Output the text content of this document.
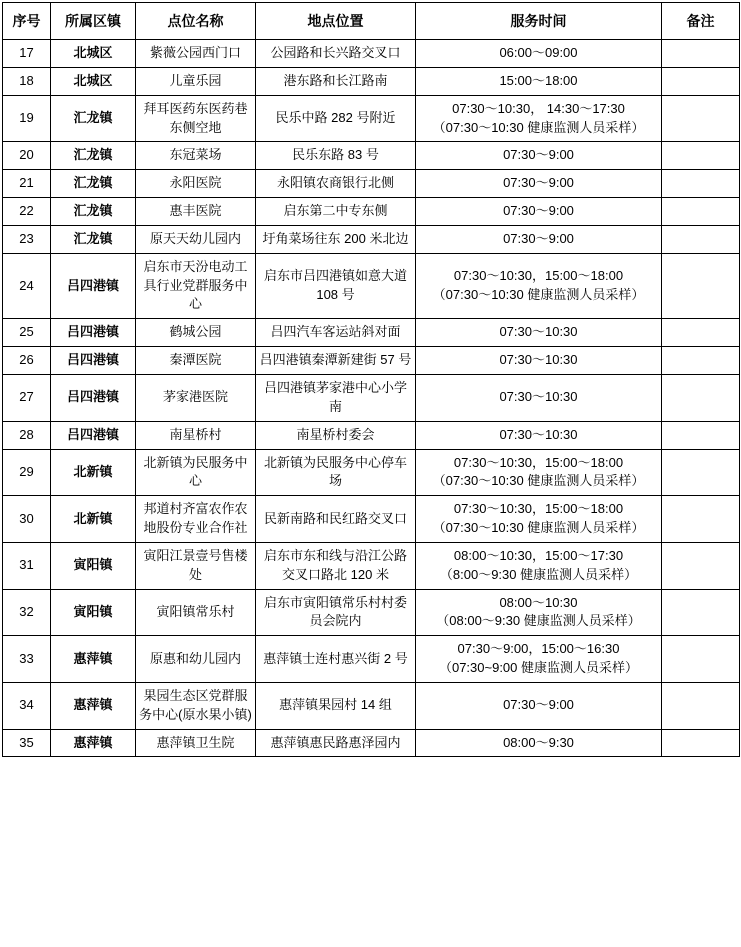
序号	所属区镇	点位名称	地点位置	服务时间	备注
17	北城区	紫薇公园西门口	公园路和长兴路交叉口	06:00～09:00	

18	北城区	儿童乐园	港东路和长江路南	15:00～18:00	

19	汇龙镇	拜耳医药东医药巷东侧空地	民乐中路 282 号附近	07:30～10:30， 14:30～17:30
（07:30～10:30 健康监测人员采样）	

20	汇龙镇	东冠菜场	民乐东路 83 号	07:30～9:00	

21	汇龙镇	永阳医院	永阳镇农商银行北侧	07:30～9:00	

22	汇龙镇	惠丰医院	启东第二中专东侧	07:30～9:00	

23	汇龙镇	原天天幼儿园内	圩角菜场往东 200 米北边	07:30～9:00	

24	吕四港镇	启东市天汾电动工具行业党群服务中心	启东市吕四港镇如意大道 108 号	07:30～10:30，15:00～18:00
（07:30～10:30 健康监测人员采样）	

25	吕四港镇	鹤城公园	吕四汽车客运站斜对面	07:30～10:30	

26	吕四港镇	秦潭医院	吕四港镇秦潭新建街 57 号	07:30～10:30	

27	吕四港镇	茅家港医院	吕四港镇茅家港中心小学南	07:30～10:30	

28	吕四港镇	南星桥村	南星桥村委会	07:30～10:30	

29	北新镇	北新镇为民服务中心	北新镇为民服务中心停车场	07:30～10:30，15:00～18:00
（07:30～10:30 健康监测人员采样）	

30	北新镇	邦道村齐富农作农地股份专业合作社	民新南路和民红路交叉口	07:30～10:30，15:00～18:00
（07:30～10:30 健康监测人员采样）	

31	寅阳镇	寅阳江景壹号售楼处	启东市东和线与沿江公路交叉口路北 120 米	08:00～10:30，15:00～17:30
（8:00～9:30 健康监测人员采样）	

32	寅阳镇	寅阳镇常乐村	启东市寅阳镇常乐村村委员会院内	08:00～10:30
（08:00～9:30 健康监测人员采样）	

33	惠萍镇	原惠和幼儿园内	惠萍镇士连村惠兴街 2 号	07:30～9:00，15:00～16:30
（07:30~9:00 健康监测人员采样）	

34	惠萍镇	果园生态区党群服务中心(原水果小镇)	惠萍镇果园村 14 组	07:30～9:00	

35	惠萍镇	惠萍镇卫生院	惠萍镇惠民路惠泽园内	08:00～9:30	
